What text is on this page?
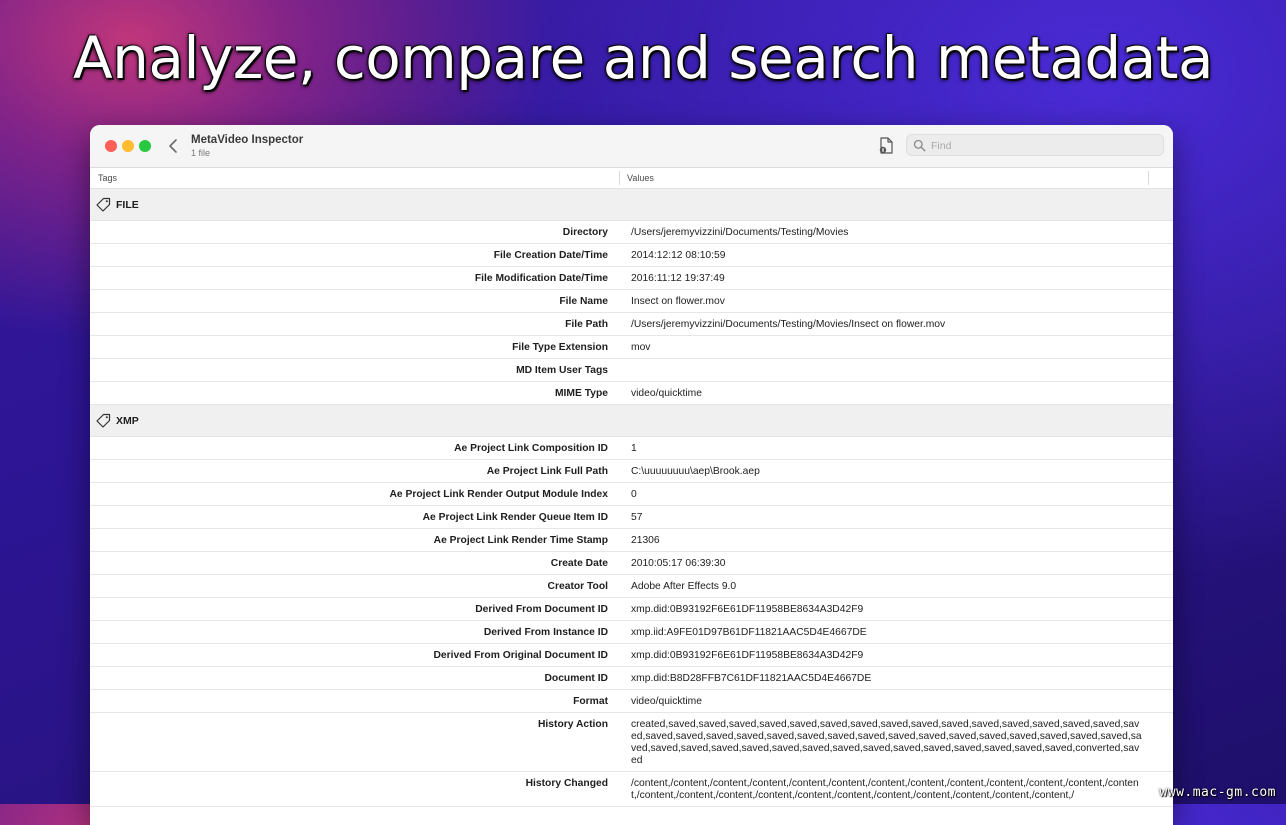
Analyze, compare and search metadata
MetaVideo Inspector
1 file
Find
Tags	Values
FILE
Directory	/Users/jeremyvizzini/Documents/Testing/Movies
File Creation Date/Time	2014:12:12 08:10:59
File Modification Date/Time	2016:11:12 19:37:49
File Name	Insect on flower.mov
File Path	/Users/jeremyvizzini/Documents/Testing/Movies/Insect on flower.mov
File Type Extension	mov
MD Item User Tags
MIME Type	video/quicktime
XMP
Ae Project Link Composition ID	1
Ae Project Link Full Path	C:\uuuuuuuu\aep\Brook.aep
Ae Project Link Render Output Module Index	0
Ae Project Link Render Queue Item ID	57
Ae Project Link Render Time Stamp	21306
Create Date	2010:05:17 06:39:30
Creator Tool	Adobe After Effects 9.0
Derived From Document ID	xmp.did:0B93192F6E61DF11958BE8634A3D42F9
Derived From Instance ID	xmp.iid:A9FE01D97B61DF11821AAC5D4E4667DE
Derived From Original Document ID	xmp.did:0B93192F6E61DF11958BE8634A3D42F9
Document ID	xmp.did:B8D28FFB7C61DF11821AAC5D4E4667DE
Format	video/quicktime
History Action	created,saved,saved,saved,saved,saved,saved,saved,saved,saved,saved,saved,saved,saved,saved,saved,saved,saved,saved,saved,saved,saved,saved,saved,saved,saved,saved,saved,saved,saved,saved,saved,saved,saved,saved,saved,saved,saved,saved,saved,saved,saved,saved,saved,saved,saved,saved,saved,converted,saved
History Changed	/content,/content,/content,/content,/content,/content,/content,/content,/content,/content,/content,/content,/content,/content,/content,/content,/content,/content,/content,/content,/content,/content,/content,/content,/	www.mac-gm.com
